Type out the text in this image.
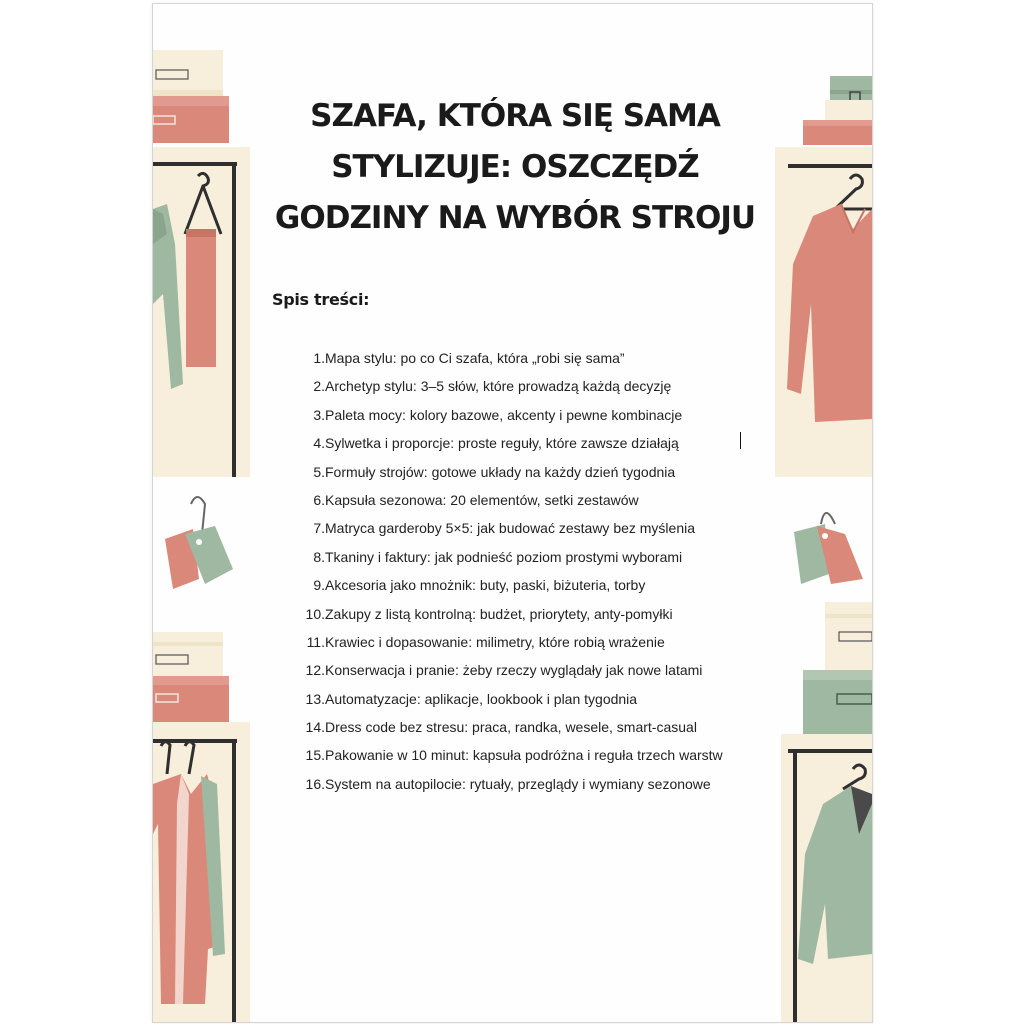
SZAFA, KTÓRA SIĘ SAMA
STYLIZUJE: OSZCZĘDŹ
GODZINY NA WYBÓR STROJU
Spis treści:
1. Mapa stylu: po co Ci szafa, która „robi się sama”
2. Archetyp stylu: 3–5 słów, które prowadzą każdą decyzję
3. Paleta mocy: kolory bazowe, akcenty i pewne kombinacje
4. Sylwetka i proporcje: proste reguły, które zawsze działają
5. Formuły strojów: gotowe układy na każdy dzień tygodnia
6. Kapsuła sezonowa: 20 elementów, setki zestawów
7. Matryca garderoby 5×5: jak budować zestawy bez myślenia
8. Tkaniny i faktury: jak podnieść poziom prostymi wyborami
9. Akcesoria jako mnożnik: buty, paski, biżuteria, torby
10. Zakupy z listą kontrolną: budżet, priorytety, anty-pomyłki
11. Krawiec i dopasowanie: milimetry, które robią wrażenie
12. Konserwacja i pranie: żeby rzeczy wyglądały jak nowe latami
13. Automatyzacje: aplikacje, lookbook i plan tygodnia
14. Dress code bez stresu: praca, randka, wesele, smart-casual
15. Pakowanie w 10 minut: kapsuła podróżna i reguła trzech warstw
16. System na autopilocie: rytuały, przeglądy i wymiany sezonowe
